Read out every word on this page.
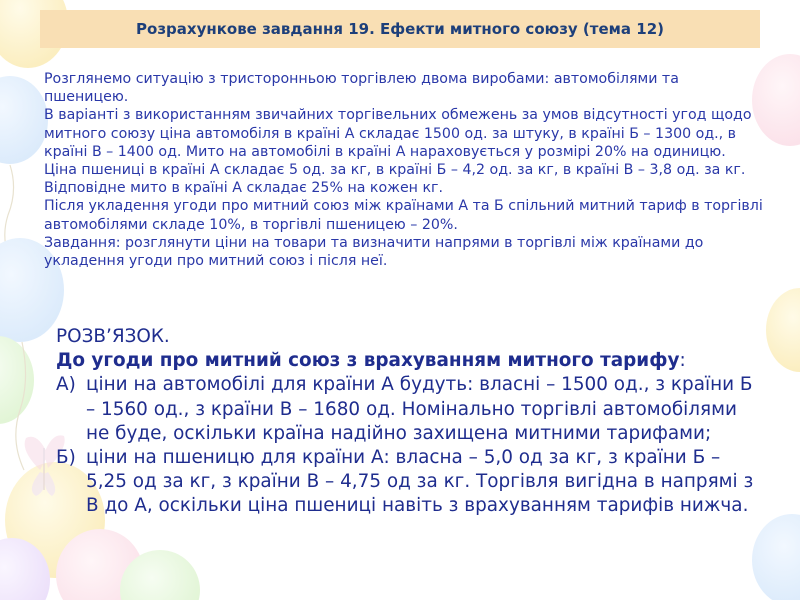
Розрахункове завдання 19. Ефекти митного союзу (тема 12)

Розглянемо ситуацію з тристоронньою торгівлею двома виробами: автомобілями та пшеницею.

В варіанті з використанням звичайних торгівельних обмежень за умов відсутності угод щодо митного союзу ціна автомобіля в країні А складає 1500 од. за штуку, в країні Б – 1300 од., в країні В – 1400 од. Мито на автомобілі в країні А нараховується у розмірі 20% на одиницю.

Ціна пшениці в країні А складає 5 од. за кг, в країні Б – 4,2 од. за кг, в країні В – 3,8 од. за кг. Відповідне мито в країні А складає 25% на кожен кг.

Після укладення угоди про митний союз між країнами А та Б спільний митний тариф в торгівлі автомобілями складе 10%, в торгівлі пшеницею – 20%.

Завдання: розглянути ціни на товари та визначити напрями в торгівлі між країнами до укладення угоди про митний союз і після неї.

РОЗВ’ЯЗОК.

До угоди про митний союз з врахуванням митного тарифу:

А) ціни на автомобілі для країни А будуть: власні – 1500 од., з країни Б – 1560 од., з країни В – 1680 од. Номінально торгівлі автомобілями не буде, оскільки країна надійно захищена митними тарифами;
Б) ціни на пшеницю для країни А: власна – 5,0 од за кг, з країни Б – 5,25 од за кг, з країни В – 4,75 од за кг. Торгівля вигідна в напрямі з В до А, оскільки ціна пшениці навіть з врахуванням тарифів нижча.
